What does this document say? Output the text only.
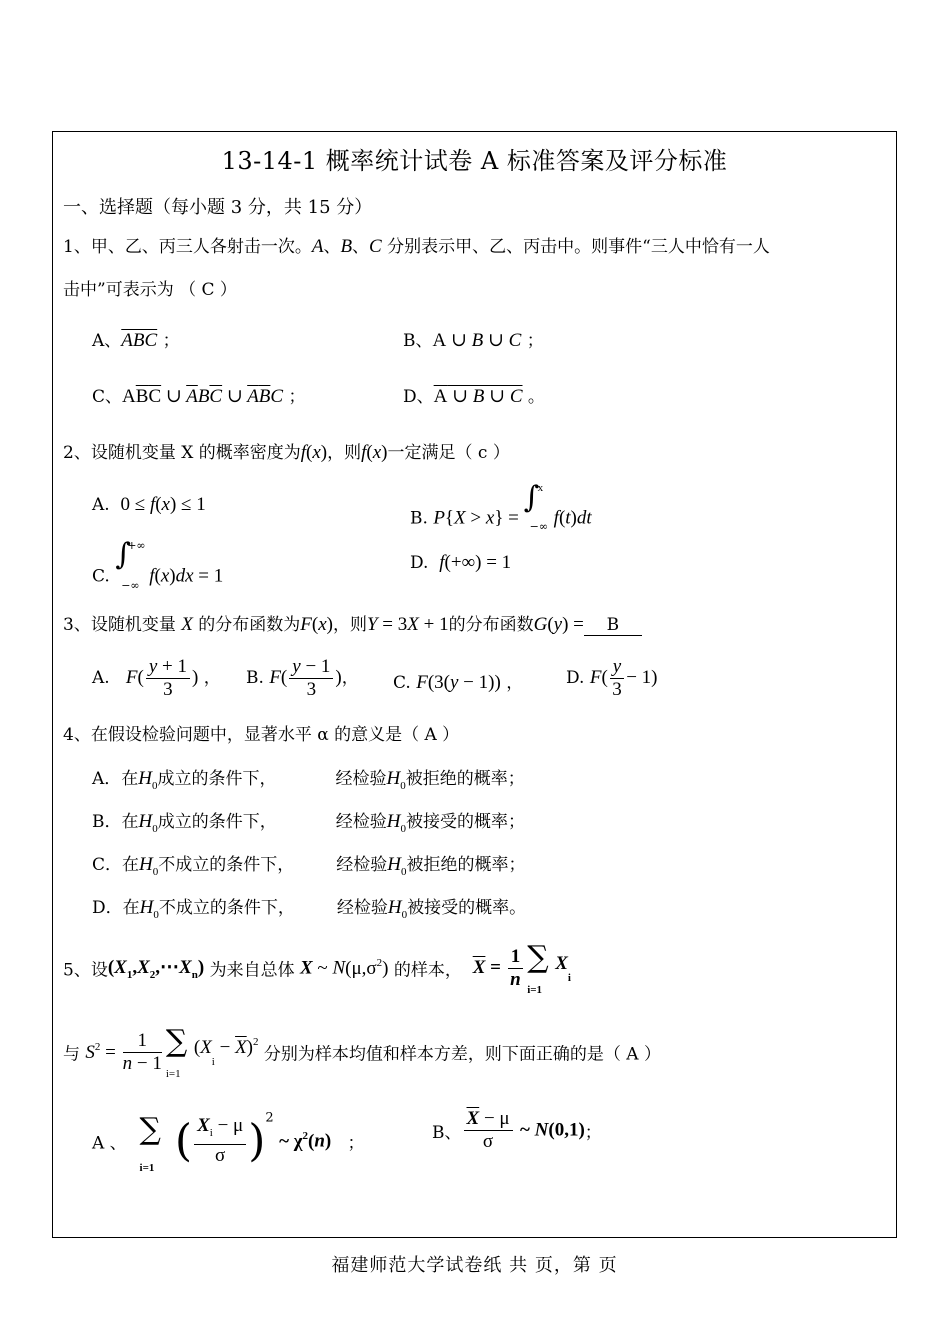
13-14-1 概率统计试卷 A 标准答案及评分标准
一、选择题（每小题 3 分，共 15 分）
1、甲、乙、丙三人各射击一次。A、B、C 分别表示甲、乙、丙击中。则事件“三人中恰有一人
击中”可表示为 （ C ）
A、$\overline{ABC}$ ；	B、A ∪ B ∪ C ；
C、$A\overline{B}\overline{C}$ ∪ $\overline{A}B\overline{C}$ ∪ $\overline{A}\overline{B}C$ ；	D、A ∪ B ∪ C 。
2、设随机变量 X 的概率密度为f(x)，则f(x)一定满足（ c ）
A. 0 ≤ f(x) ≤ 1
B. P{X > x} =
∫
x
−∞ f(t)dt
C.
∫
+∞
−∞ f(x)dx = 1
D. f(+∞) = 1
3、设随机变量 X 的分布函数为F(x)，则Y = 3X + 1的分布函数G(y) = B
A. $F( \frac{y + 1}{3}$ ) ， B. $F( \frac{y - 1}{3}$ )， C. F(3(y − 1)) ，	D. $F( \frac{y}{3} - 1)$
4、在假设检验问题中，显著水平 α 的意义是（ A ）
A．在$H_0$成立的条件下，	经检验$H_0$被拒绝的概率；
B．在$H_0$成立的条件下，	经检验$H_0$被接受的概率；
C．在$H_0$不成立的条件下， 经检验$H_0$被拒绝的概率；
D．在$H_0$不成立的条件下， 经检验$H_0$被接受的概率。
5、设$(X_1,X_2,\cdots X_n)$ 为来自总体 X ~ $N(\mu,\sigma^2)$ 的样本， $\overline{X} = \frac{1}{n}$ ∑
i=1
$X_i$
与 $S^2 = \frac{1}{n - 1}$ ∑
i=1
$(X_i - \overline{X})^2$ 分别为样本均值和样本方差，则下面正确的是（ A ）
A 、 ∑
i=1
( $\frac{X_i - \mu}{\sigma} )^2$ ~ $\chi^2(n)$ ；
B、 $\frac{\overline{X} - \mu}{\sigma}$ ~ N(0,1)；
福建师范大学试卷纸 共 页，第 页
